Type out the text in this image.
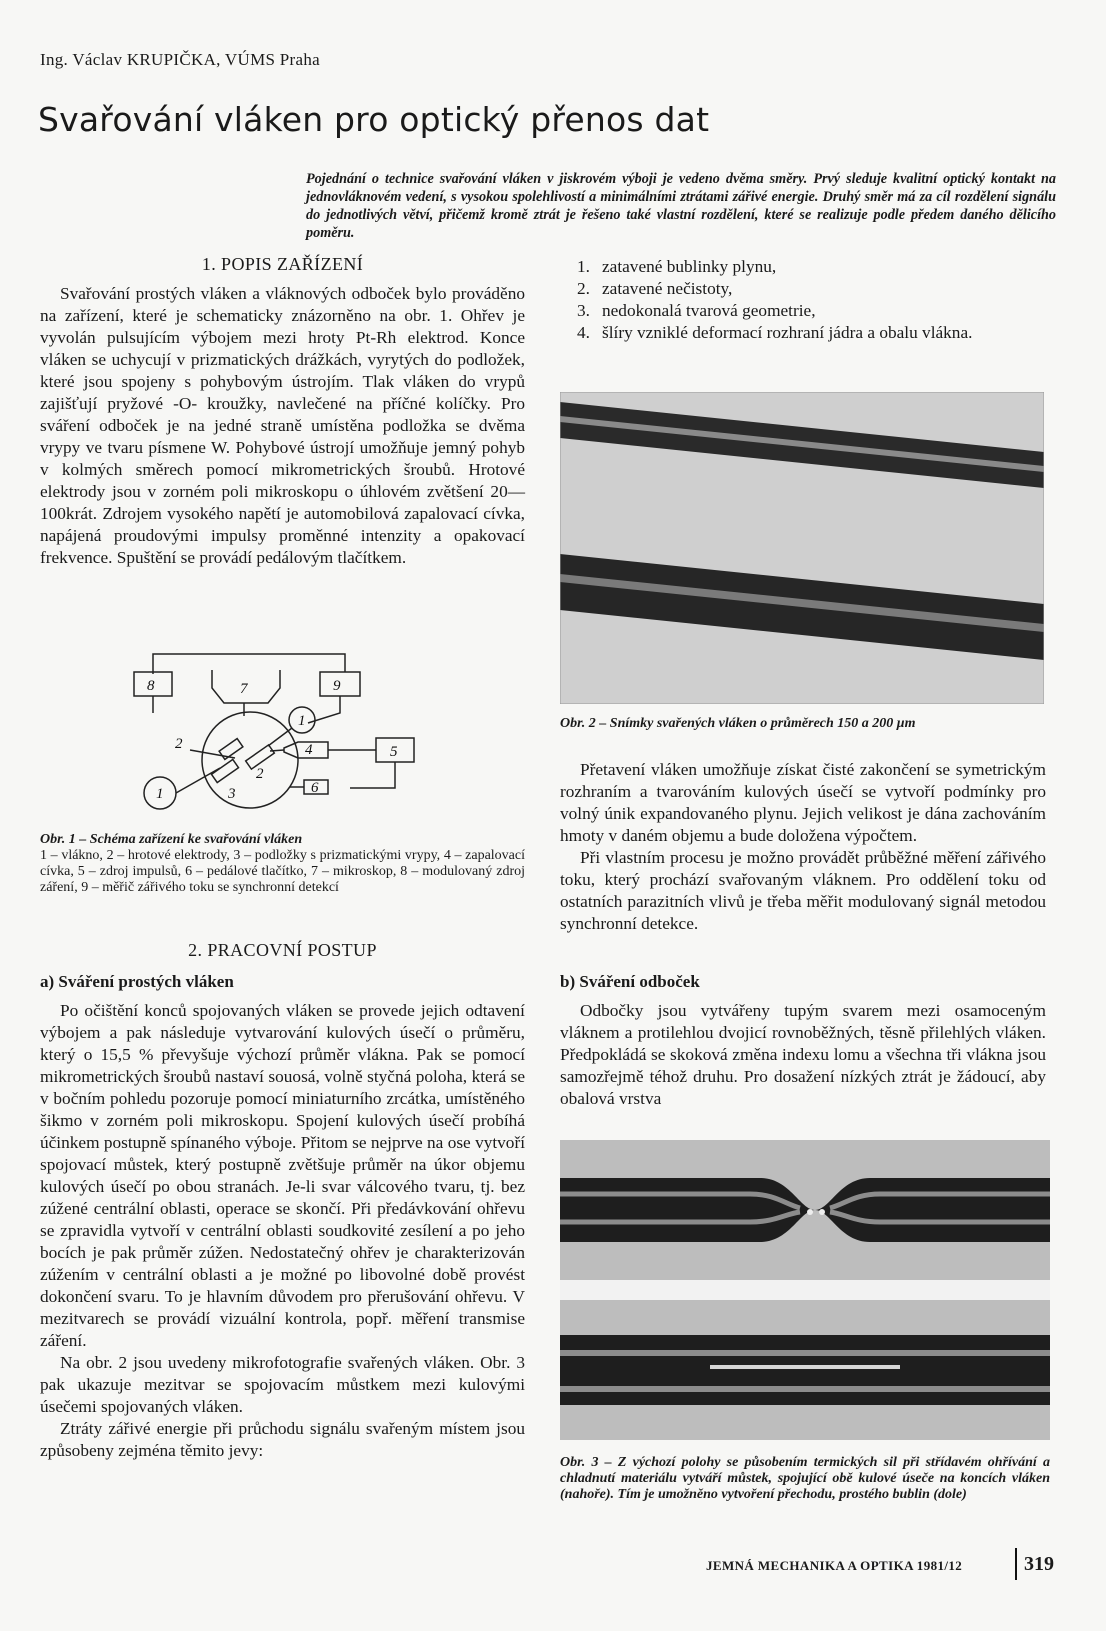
Ing. Václav KRUPIČKA, VÚMS Praha
Svařování vláken pro optický přenos dat
Pojednání o technice svařování vláken v jiskrovém výboji je vedeno dvěma směry. Prvý sleduje kvalitní optický kontakt na jednovláknovém vedení, s vysokou spolehlivostí a minimálními ztrátami zářivé energie. Druhý směr má za cíl rozdělení signálu do jednotlivých větví, přičemž kromě ztrát je řešeno také vlastní rozdělení, které se realizuje podle předem daného dělicího poměru.
1. POPIS ZAŘÍZENÍ

Svařování prostých vláken a vláknových odboček bylo prováděno na zařízení, které je schematicky znázorněno na obr. 1. Ohřev je vyvolán pulsujícím výbojem mezi hroty Pt-Rh elektrod. Konce vláken se uchycují v prizmatických drážkách, vyrytých do podložek, které jsou spojeny s pohybovým ústrojím. Tlak vláken do vrypů zajišťují pryžové -O- kroužky, navlečené na příčné kolíčky. Pro sváření odboček je na jedné straně umístěna podložka se dvěma vrypy ve tvaru písmene W. Pohybové ústrojí umožňuje jemný pohyb v kolmých směrech pomocí mikrometrických šroubů. Hrotové elektrody jsou v zorném poli mikroskopu o úhlovém zvětšení 20—100krát. Zdrojem vysokého napětí je automobilová zapalovací cívka, napájená proudovými impulsy proměnné intenzity a opakovací frekvence. Spuštění se provádí pedálovým tlačítkem.

8	7	9
1
2	4	5
1	3
2
6
Obr. 1 – Schéma zařízení ke svařování vláken
1 – vlákno, 2 – hrotové elektrody, 3 – podložky s prizmatickými vrypy, 4 – zapalovací cívka, 5 – zdroj impulsů, 6 – pedálové tlačítko, 7 – mikroskop, 8 – modulovaný zdroj záření, 9 – měřič zářivého toku se synchronní detekcí
2. PRACOVNÍ POSTUP
a) Sváření prostých vláken

Po očištění konců spojovaných vláken se provede jejich odtavení výbojem a pak následuje vytvarování kulových úsečí o průměru, který o 15,5 % převyšuje výchozí průměr vlákna. Pak se pomocí mikrometrických šroubů nastaví souosá, volně styčná poloha, která se v bočním pohledu pozoruje pomocí miniaturního zrcátka, umístěného šikmo v zorném poli mikroskopu. Spojení kulových úsečí probíhá účinkem postupně spínaného výboje. Přitom se nejprve na ose vytvoří spojovací můstek, který postupně zvětšuje průměr na úkor objemu kulových úsečí po obou stranách. Je-li svar válcového tvaru, tj. bez zúžené centrální oblasti, operace se skončí. Při předávkování ohřevu se zpravidla vytvoří v centrální oblasti soudkovité zesílení a po jeho bocích je pak průměr zúžen. Nedostatečný ohřev je charakterizován zúžením v centrální oblasti a je možné po libovolné době provést dokončení svaru. To je hlavním důvodem pro přerušování ohřevu. V mezitvarech se provádí vizuální kontrola, popř. měření transmise záření.

Na obr. 2 jsou uvedeny mikrofotografie svařených vláken. Obr. 3 pak ukazuje mezitvar se spojovacím můstkem mezi kulovými úsečemi spojovaných vláken.

Ztráty zářivé energie při průchodu signálu svařeným místem jsou způsobeny zejména těmito jevy:

1. zatavené bublinky plynu,
2. zatavené nečistoty,
3. nedokonalá tvarová geometrie,
4. šlíry vzniklé deformací rozhraní jádra a obalu vlákna.
Obr. 2 – Snímky svařených vláken o průměrech 150 a 200 μm

Přetavení vláken umožňuje získat čisté zakončení se symetrickým rozhraním a tvarováním kulových úsečí se vytvoří podmínky pro volný únik expandovaného plynu. Jejich velikost je dána zachováním hmoty v daném objemu a bude doložena výpočtem.

Při vlastním procesu je možno provádět průběžné měření zářivého toku, který prochází svařovaným vláknem. Pro oddělení toku od ostatních parazitních vlivů je třeba měřit modulovaný signál metodou synchronní detekce.

b) Sváření odboček

Odbočky jsou vytvářeny tupým svarem mezi osamoceným vláknem a protilehlou dvojicí rovnoběžných, těsně přilehlých vláken. Předpokládá se skoková změna indexu lomu a všechna tři vlákna jsou samozřejmě téhož druhu. Pro dosažení nízkých ztrát je žádoucí, aby obalová vrstva

Obr. 3 – Z výchozí polohy se působením termických sil při střídavém ohřívání a chladnutí materiálu vytváří můstek, spojující obě kulové úseče na koncích vláken (nahoře). Tím je umožněno vytvoření přechodu, prostého bublin (dole)
JEMNÁ MECHANIKA A OPTIKA 1981/12	319
